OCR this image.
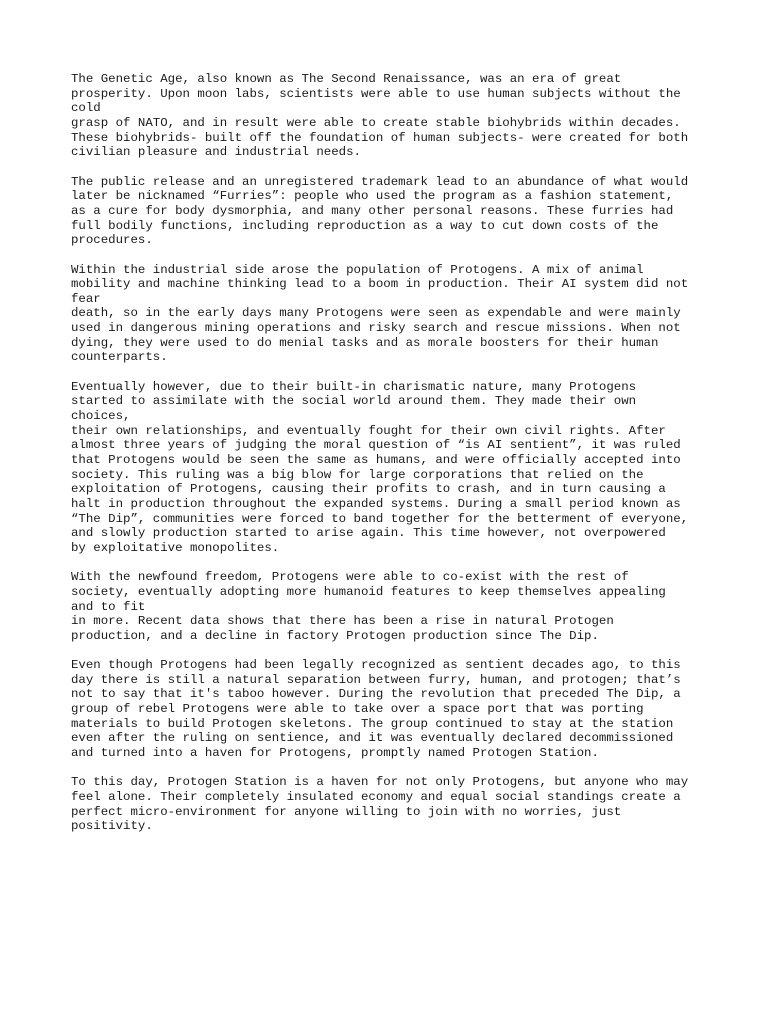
The Genetic Age, also known as The Second Renaissance, was an era of great
prosperity. Upon moon labs, scientists were able to use human subjects without the
cold
grasp of NATO, and in result were able to create stable biohybrids within decades.
These biohybrids- built off the foundation of human subjects- were created for both
civilian pleasure and industrial needs.

The public release and an unregistered trademark lead to an abundance of what would
later be nicknamed “Furries”: people who used the program as a fashion statement,
as a cure for body dysmorphia, and many other personal reasons. These furries had
full bodily functions, including reproduction as a way to cut down costs of the
procedures.

Within the industrial side arose the population of Protogens. A mix of animal
mobility and machine thinking lead to a boom in production. Their AI system did not
fear
death, so in the early days many Protogens were seen as expendable and were mainly
used in dangerous mining operations and risky search and rescue missions. When not
dying, they were used to do menial tasks and as morale boosters for their human
counterparts.

Eventually however, due to their built-in charismatic nature, many Protogens
started to assimilate with the social world around them. They made their own
choices,
their own relationships, and eventually fought for their own civil rights. After
almost three years of judging the moral question of “is AI sentient”, it was ruled
that Protogens would be seen the same as humans, and were officially accepted into
society. This ruling was a big blow for large corporations that relied on the
exploitation of Protogens, causing their profits to crash, and in turn causing a
halt in production throughout the expanded systems. During a small period known as
“The Dip”, communities were forced to band together for the betterment of everyone,
and slowly production started to arise again. This time however, not overpowered
by exploitative monopolites.

With the newfound freedom, Protogens were able to co-exist with the rest of
society, eventually adopting more humanoid features to keep themselves appealing
and to fit
in more. Recent data shows that there has been a rise in natural Protogen
production, and a decline in factory Protogen production since The Dip.

Even though Protogens had been legally recognized as sentient decades ago, to this
day there is still a natural separation between furry, human, and protogen; that’s
not to say that it's taboo however. During the revolution that preceded The Dip, a
group of rebel Protogens were able to take over a space port that was porting
materials to build Protogen skeletons. The group continued to stay at the station
even after the ruling on sentience, and it was eventually declared decommissioned
and turned into a haven for Protogens, promptly named Protogen Station.

To this day, Protogen Station is a haven for not only Protogens, but anyone who may
feel alone. Their completely insulated economy and equal social standings create a
perfect micro-environment for anyone willing to join with no worries, just
positivity.
